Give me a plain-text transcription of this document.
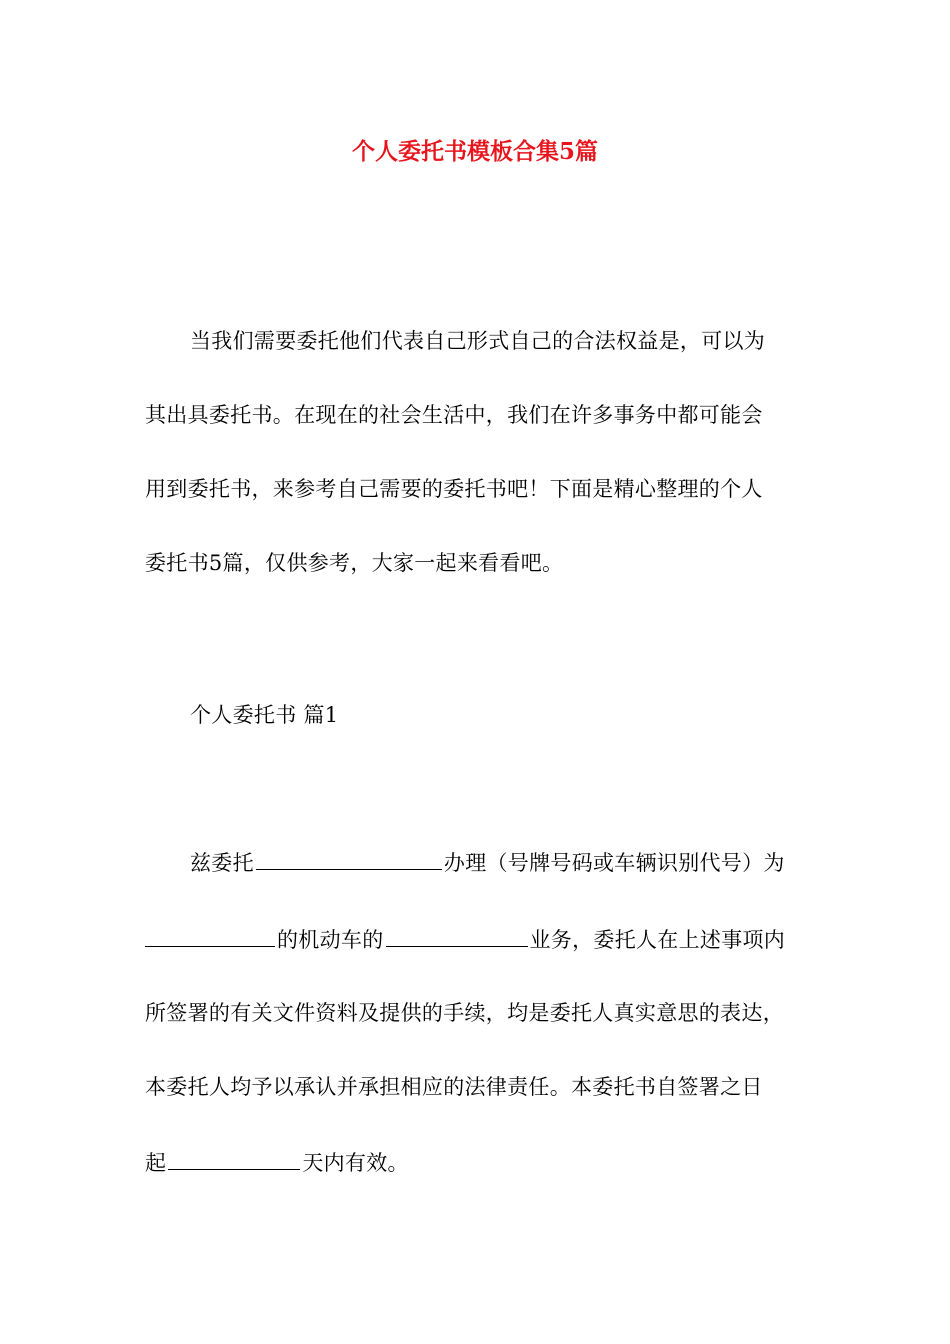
个人委托书模板合集5篇
当我们需要委托他们代表自己形式自己的合法权益是，可以为
其出具委托书。在现在的社会生活中，我们在许多事务中都可能会
用到委托书，来参考自己需要的委托书吧！下面是精心整理的个人
委托书5篇，仅供参考，大家一起来看看吧。
个人委托书 篇1
兹委托	办理（号牌号码或车辆识别代号）为
的机动车的	业务，委托人在上述事项内
所签署的有关文件资料及提供的手续，均是委托人真实意思的表达，
本委托人均予以承认并承担相应的法律责任。本委托书自签署之日
起	天内有效。
